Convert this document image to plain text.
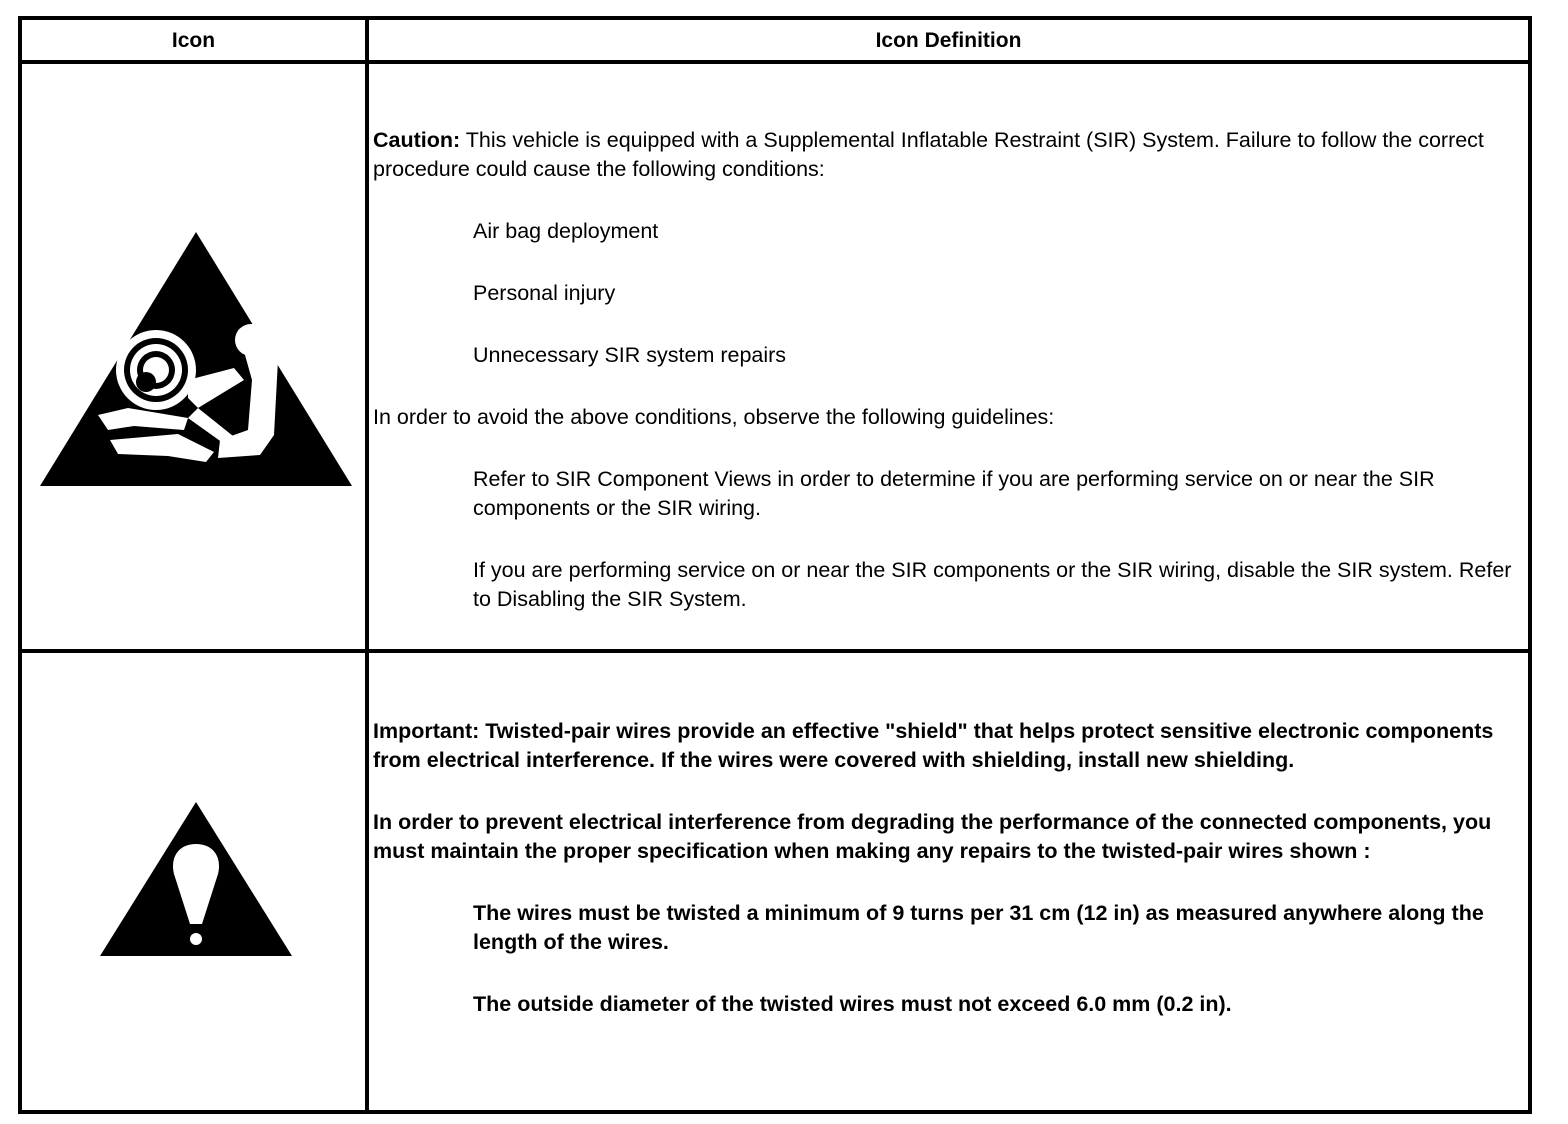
Icon	Icon Definition

Caution: This vehicle is equipped with a Supplemental Inflatable Restraint (SIR) System. Failure to follow the correct procedure could cause the following conditions:

Air bag deployment

Personal injury

Unnecessary SIR system repairs

In order to avoid the above conditions, observe the following guidelines:

Refer to SIR Component Views in order to determine if you are performing service on or near the SIR components or the SIR wiring.

If you are performing service on or near the SIR components or the SIR wiring, disable the SIR system. Refer to Disabling the SIR System.

Important: Twisted-pair wires provide an effective "shield" that helps protect sensitive electronic components from electrical interference. If the wires were covered with shielding, install new shielding.

In order to prevent electrical interference from degrading the performance of the connected components, you must maintain the proper specification when making any repairs to the twisted-pair wires shown :

The wires must be twisted a minimum of 9 turns per 31 cm (12 in) as measured anywhere along the length of the wires.

The outside diameter of the twisted wires must not exceed 6.0 mm (0.2 in).
